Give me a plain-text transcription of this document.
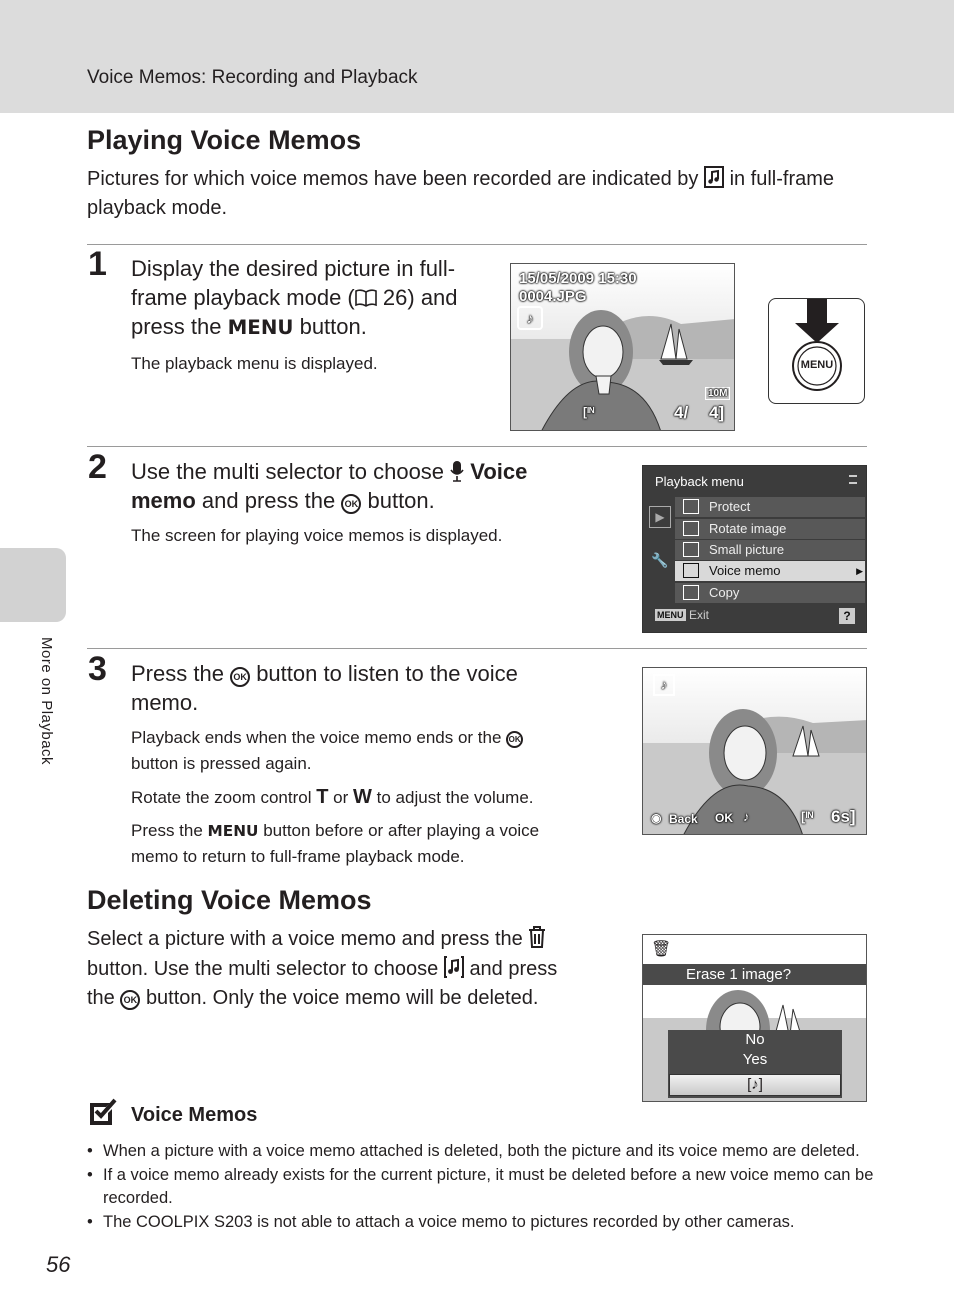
Voice Memos: Recording and Playback
More on Playback
Playing Voice Memos
Pictures for which voice memos have been recorded are indicated by in full-frame playback mode.
1 Display the desired picture in full-
frame playback mode ( 26) and
press the MENU button.
The playback menu is displayed.
15/05/2009 15:30
0004.JPG
♪
10M
[ᴵᴺ	4/ 4]
MENU
2 Use the multi selector to choose Voice
memo and press the OK button.
The screen for playing voice memos is displayed.
Playback menu
▶
🔧
Protect
Rotate image
Small picture
Voice memo	▶
Copy
MENU Exit	?
3 Press the OK button to listen to the voice
memo.
Playback ends when the voice memo ends or the OK
button is pressed again.
Rotate the zoom control T or W to adjust the volume.
Press the MENU button before or after playing a voice
memo to return to full-frame playback mode.
♪
◉ Back OK ♪	[ᴵᴺ 6s]
Deleting Voice Memos
Select a picture with a voice memo and press the
button. Use the multi selector to choose and press
the OK button. Only the voice memo will be deleted.
🗑
Erase 1 image?
No
Yes
[♪]
Voice Memos
• When a picture with a voice memo attached is deleted, both the picture and its voice memo are deleted.
• If a voice memo already exists for the current picture, it must be deleted before a new voice memo can be recorded.
• The COOLPIX S203 is not able to attach a voice memo to pictures recorded by other cameras.
56
